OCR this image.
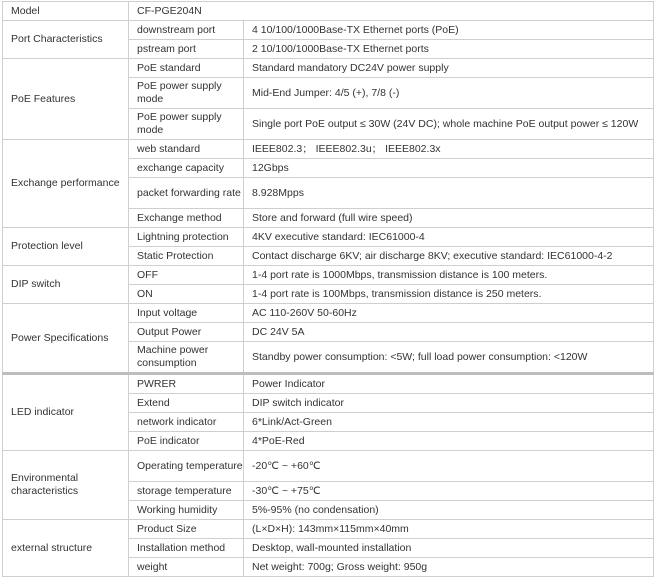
Model	CF-PGE204N	
Port Characteristics	downstream port	4 10/100/1000Base-TX Ethernet ports (PoE)
	pstream port	2 10/100/1000Base-TX Ethernet ports
PoE Features	PoE standard	Standard mandatory DC24V power supply
	PoE power supply mode	Mid-End Jumper: 4/5 (+), 7/8 (-)
	PoE power supply mode	Single port PoE output ≤ 30W (24V DC); whole machine PoE output power ≤ 120W
Exchange performance	web standard	IEEE802.3； IEEE802.3u； IEEE802.3x
	exchange capacity	12Gbps
	packet forwarding rate	8.928Mpps
	Exchange method	Store and forward (full wire speed)
Protection level	Lightning protection	4KV executive standard: IEC61000-4
	Static Protection	Contact discharge 6KV; air discharge 8KV; executive standard: IEC61000-4-2
DIP switch	OFF	1-4 port rate is 1000Mbps, transmission distance is 100 meters.
	ON	1-4 port rate is 100Mbps, transmission distance is 250 meters.
Power Specifications	Input voltage	AC 110-260V 50-60Hz
	Output Power	DC 24V 5A
	Machine power consumption	Standby power consumption: <5W; full load power consumption: <120W
LED indicator	PWRER	Power Indicator
	Extend	DIP switch indicator
	network indicator	6*Link/Act-Green
	PoE indicator	4*PoE-Red
Environmental characteristics	Operating temperature	-20℃ ~ +60℃
	storage temperature	-30℃ ~ +75℃
	Working humidity	5%-95% (no condensation)
external structure	Product Size	(L×D×H): 143mm×115mm×40mm
	Installation method	Desktop, wall-mounted installation
	weight	Net weight: 700g; Gross weight: 950g
